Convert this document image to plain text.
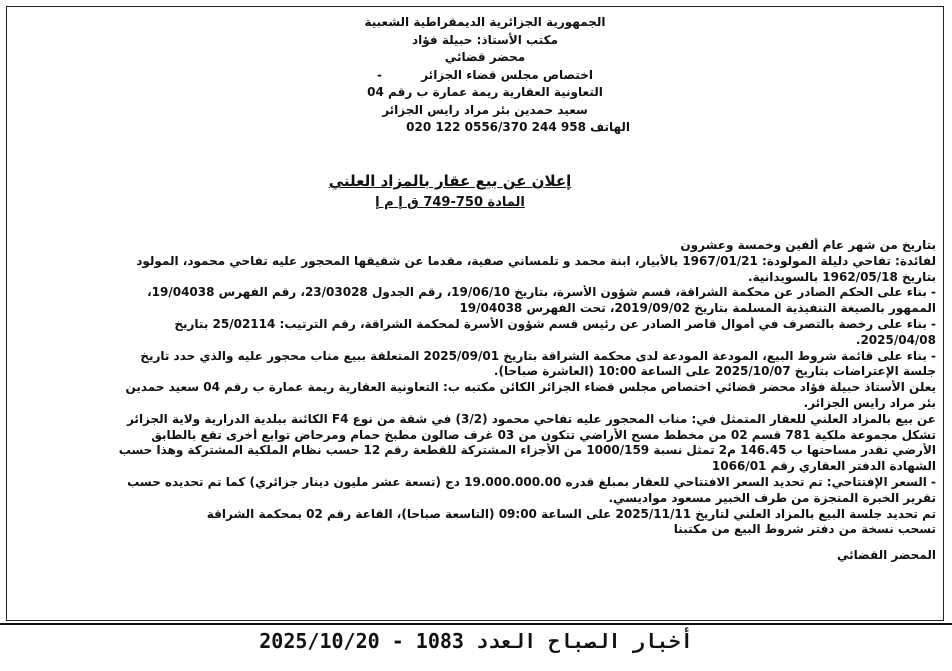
الجمهورية الجزائرية الديمقراطية الشعبية
مكتب الأستاذ: حبيلة فؤاد
محضر قضائي
اختصاص مجلس قضاء الجزائر -
التعاونية العقارية ريمة عمارة ب رقم 04
سعيد حمدين بئر مراد رايس الجزائر
الهاتف 958 244 0556/370 122 020
إعلان عن بيع عقار بالمزاد العلني
المادة 750-749 ق إ م إ
بتاريخ من شهر عام ألفين وخمسة وعشرون
لفائدة: تفاحي دليلة المولودة: 1967/01/21 بالأبيار، ابنة محمد و تلمساني صفية، مقدما عن شقيقها المحجور عليه تفاحي محمود، المولود
بتاريخ 1962/05/18 بالسويدانية.
- بناء على الحكم الصادر عن محكمة الشراقة، قسم شؤون الأسرة، بتاريخ 19/06/10، رقم الجدول 23/03028، رقم الفهرس 19/04038،
الممهور بالصيغة التنفيذية المسلمة بتاريخ 2019/09/02، تحت الفهرس 19/04038
- بناء على رخصة بالتصرف في أموال قاصر الصادر عن رئيس قسم شؤون الأسرة لمحكمة الشراقة، رقم الترتيب: 25/02114 بتاريخ
2025/04/08.
- بناء على قائمة شروط البيع، المودعة المودعة لدى محكمة الشراقة بتاريخ 2025/09/01 المتعلقة ببيع مناب محجور عليه والذي حدد تاريخ
جلسة الإعتراضات بتاريخ 2025/10/07 على الساعة 10:00 (العاشرة صباحا).
يعلن الأستاذ حبيلة فؤاد محضر قضائي اختصاص مجلس قضاء الجزائر الكائن مكتبه ب: التعاونية العقارية ريمة عمارة ب رقم 04 سعيد حمدين
بئر مراد رايس الجزائر.
عن بيع بالمزاد العلني للعقار المتمثل في: مناب المحجور عليه تفاحي محمود (3/2) في شقة من نوع F4 الكائنة ببلدية الدرارية ولاية الجزائر
تشكل مجموعة ملكية 781 قسم 02 من مخطط مسح الأراضي تتكون من 03 غرف صالون مطبخ حمام ومرحاض توابع أخرى تقع بالطابق
الأرضي تقدر مساحتها ب 146.45 م2 تمثل نسبة 1000/159 من الأجزاء المشتركة للقطعة رقم 12 حسب نظام الملكية المشتركة وهذا حسب
الشهادة الدفتر العقاري رقم 1066/01
- السعر الإفتتاحي: تم تحديد السعر الافتتاحي للعقار بمبلغ قدره 19.000.000.00 دج (تسعة عشر مليون دينار جزائري) كما تم تحديده حسب
تقرير الخبرة المنجزة من طرف الخبير مسعود مواديسي.
تم تحديد جلسة البيع بالمزاد العلني لتاريخ 2025/11/11 على الساعة 09:00 (التاسعة صباحا)، القاعة رقم 02 بمحكمة الشراقة
تسحب نسخة من دفتر شروط البيع من مكتبنا
المحضر القضائي
أخبار الصباح العدد 1083 - 2025/10/20
